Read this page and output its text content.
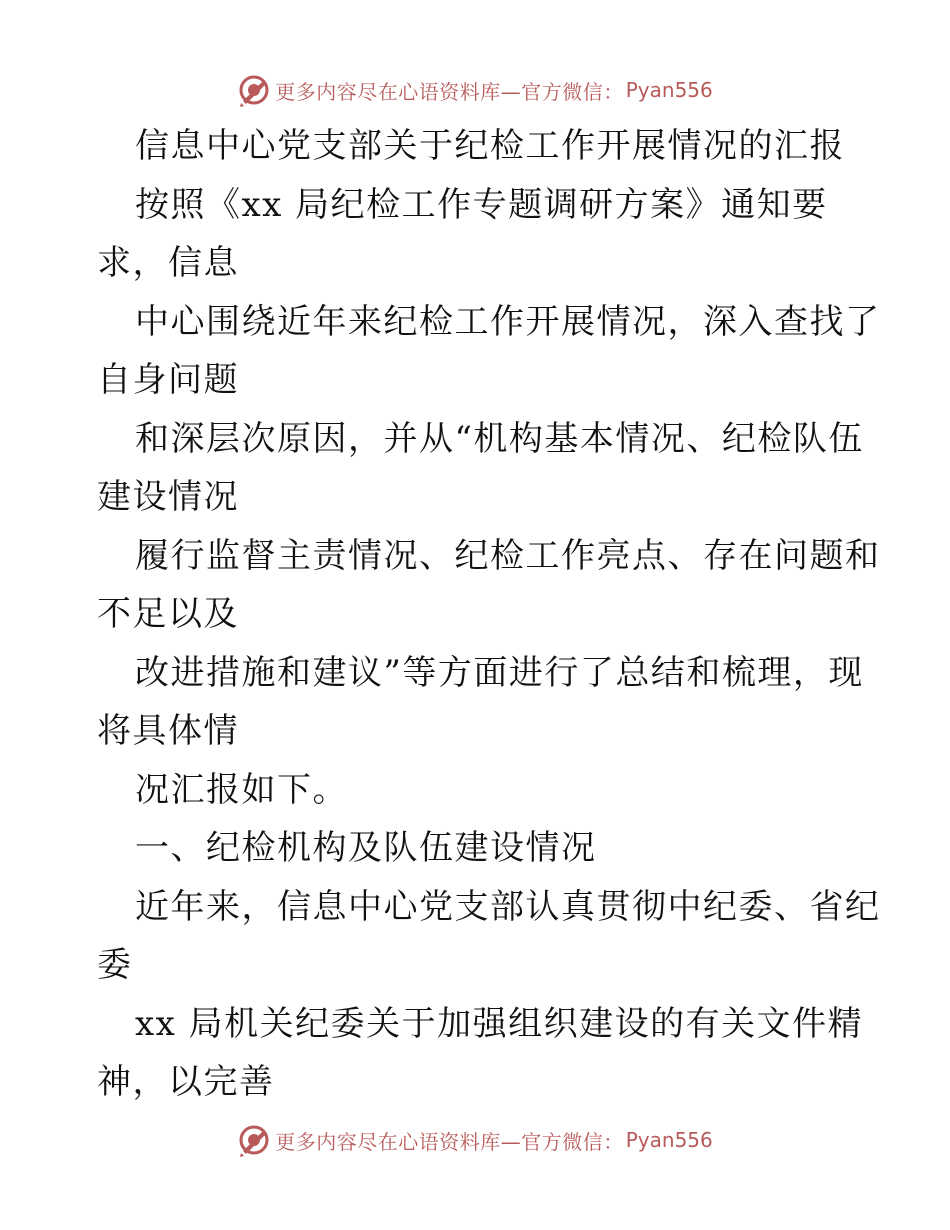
更多内容尽在心语资料库—官方微信： Pyan556

信息中心党支部关于纪检工作开展情况的汇报

按照《xx 局纪检工作专题调研方案》通知要

求，信息

中心围绕近年来纪检工作开展情况，深入查找了

自身问题

和深层次原因，并从“机构基本情况、纪检队伍

建设情况

履行监督主责情况、纪检工作亮点、存在问题和

不足以及

改进措施和建议”等方面进行了总结和梳理，现

将具体情

况汇报如下。

一、纪检机构及队伍建设情况

近年来，信息中心党支部认真贯彻中纪委、省纪

委

xx 局机关纪委关于加强组织建设的有关文件精

神，以完善

更多内容尽在心语资料库—官方微信： Pyan556
